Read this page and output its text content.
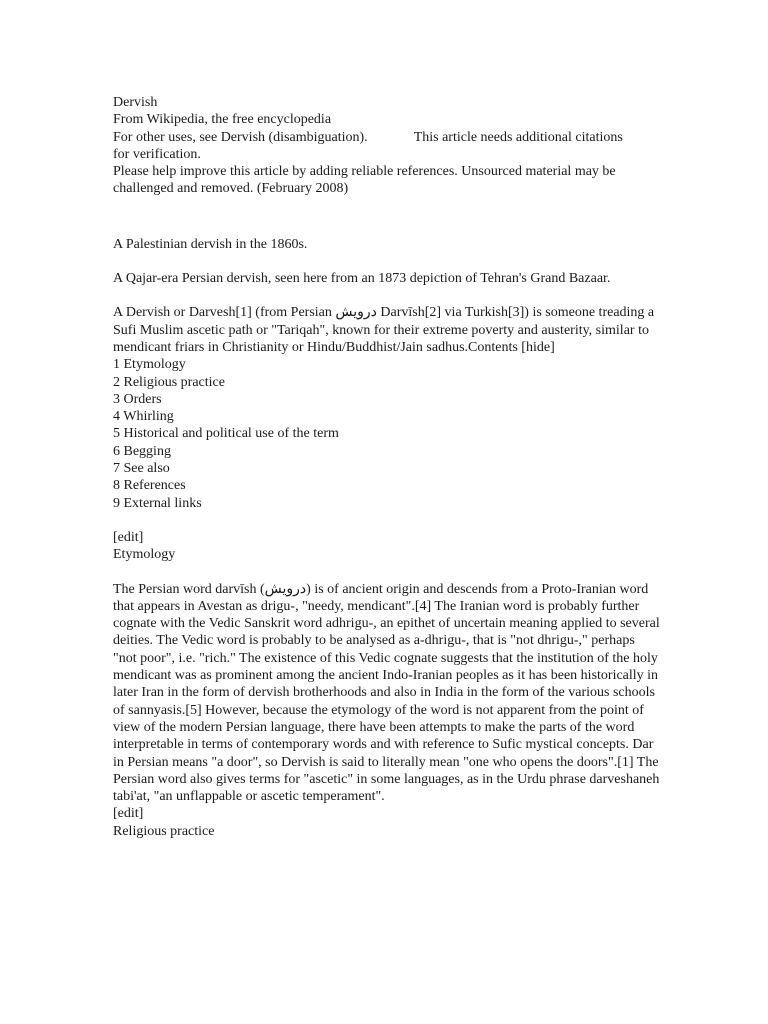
Dervish
From Wikipedia, the free encyclopedia
For other uses, see Dervish (disambiguation).	This article needs additional citations
for verification.
Please help improve this article by adding reliable references. Unsourced material may be challenged and removed. (February 2008)
A Palestinian dervish in the 1860s.
A Qajar-era Persian dervish, seen here from an 1873 depiction of Tehran's Grand Bazaar.
A Dervish or Darvesh[1] (from Persian درویش Darvīsh[2] via Turkish[3]) is someone treading a Sufi Muslim ascetic path or "Tariqah", known for their extreme poverty and austerity, similar to mendicant friars in Christianity or Hindu/Buddhist/Jain sadhus.Contents [hide]
1 Etymology
2 Religious practice
3 Orders
4 Whirling
5 Historical and political use of the term
6 Begging
7 See also
8 References
9 External links
[edit]
Etymology
The Persian word darvīsh (درویش) is of ancient origin and descends from a Proto-Iranian word that appears in Avestan as drigu-, "needy, mendicant".[4] The Iranian word is probably further cognate with the Vedic Sanskrit word adhrigu-, an epithet of uncertain meaning applied to several deities. The Vedic word is probably to be analysed as a-dhrigu-, that is "not dhrigu-," perhaps "not poor", i.e. "rich." The existence of this Vedic cognate suggests that the institution of the holy mendicant was as prominent among the ancient Indo-Iranian peoples as it has been historically in later Iran in the form of dervish brotherhoods and also in India in the form of the various schools of sannyasis.[5] However, because the etymology of the word is not apparent from the point of view of the modern Persian language, there have been attempts to make the parts of the word interpretable in terms of contemporary words and with reference to Sufic mystical concepts. Dar in Persian means "a door", so Dervish is said to literally mean "one who opens the doors".[1] The Persian word also gives terms for "ascetic" in some languages, as in the Urdu phrase darveshaneh tabi'at, "an unflappable or ascetic temperament".
[edit]
Religious practice
